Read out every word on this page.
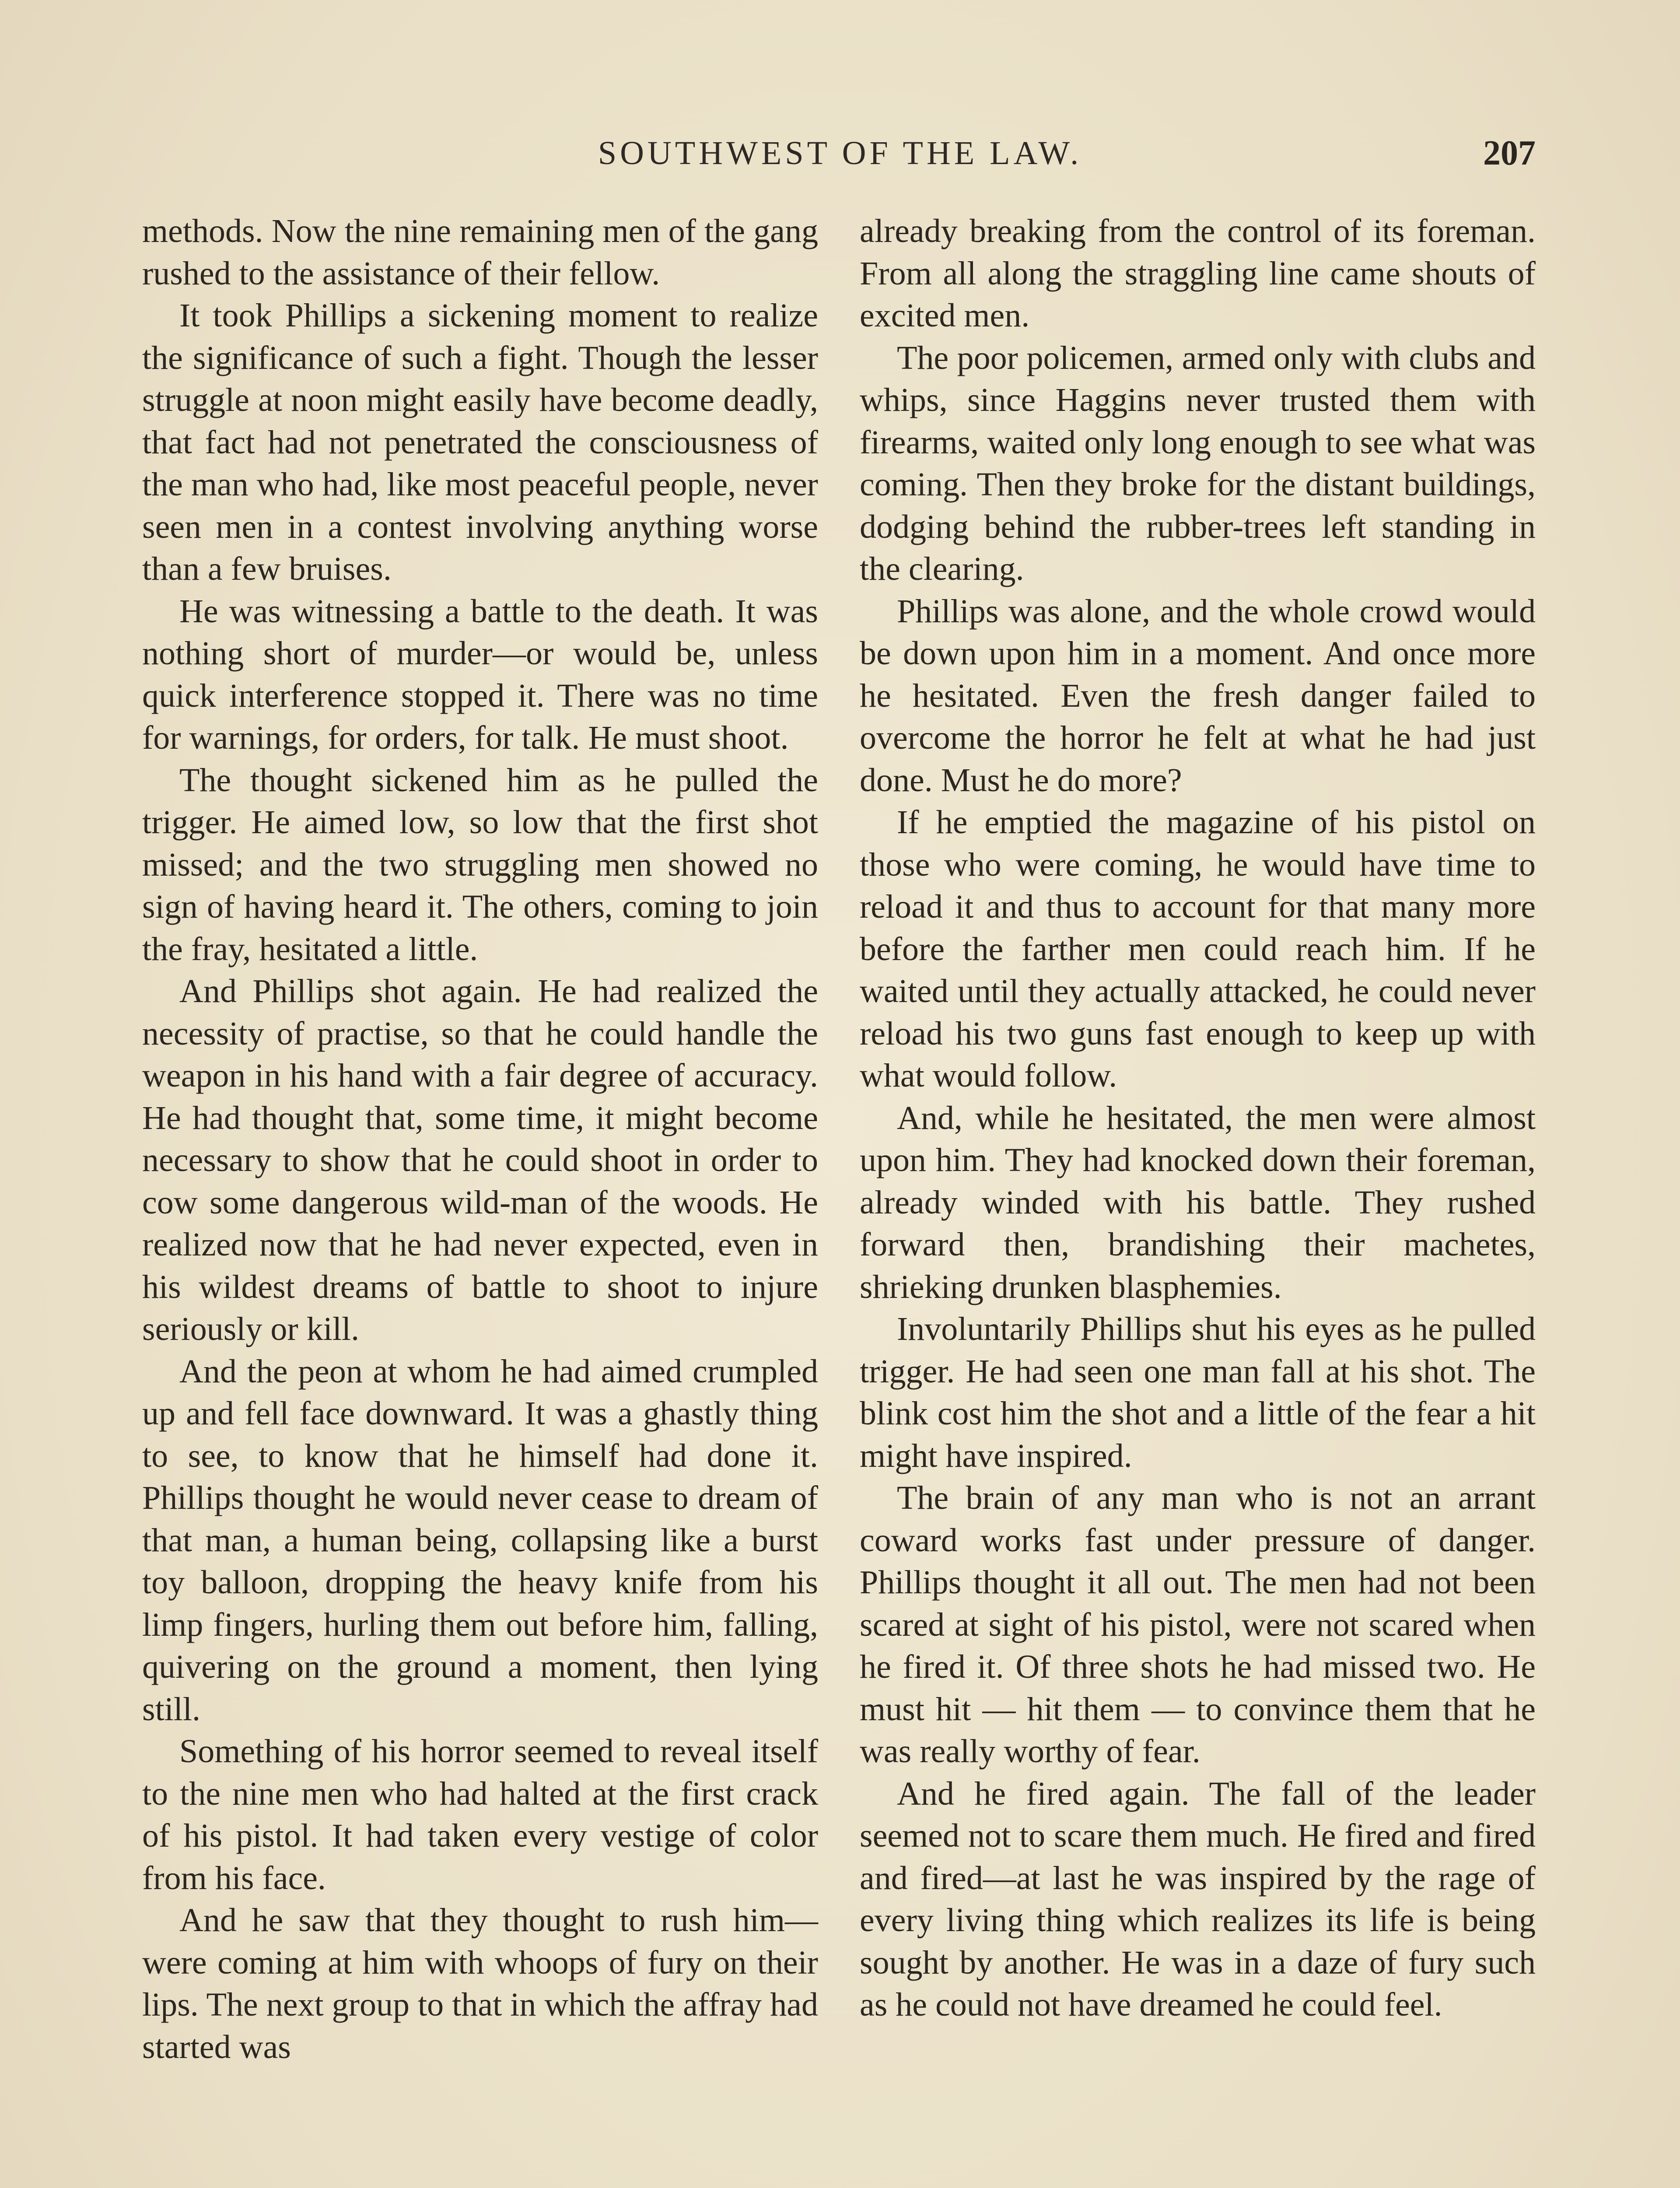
SOUTHWEST OF THE LAW.	207

methods. Now the nine remaining men of the gang rushed to the assistance of their fellow.

It took Phillips a sickening moment to realize the significance of such a fight. Though the lesser struggle at noon might easily have become deadly, that fact had not penetrated the consciousness of the man who had, like most peaceful people, never seen men in a contest involving anything worse than a few bruises.

He was witnessing a battle to the death. It was nothing short of murder—or would be, unless quick interference stopped it. There was no time for warnings, for orders, for talk. He must shoot.

The thought sickened him as he pulled the trigger. He aimed low, so low that the first shot missed; and the two struggling men showed no sign of having heard it. The others, coming to join the fray, hesitated a little.

And Phillips shot again. He had realized the necessity of practise, so that he could handle the weapon in his hand with a fair degree of accuracy. He had thought that, some time, it might become necessary to show that he could shoot in order to cow some dangerous wild-man of the woods. He realized now that he had never expected, even in his wildest dreams of battle to shoot to injure seriously or kill.

And the peon at whom he had aimed crumpled up and fell face downward. It was a ghastly thing to see, to know that he himself had done it. Phillips thought he would never cease to dream of that man, a human being, collapsing like a burst toy balloon, dropping the heavy knife from his limp fingers, hurling them out before him, falling, quivering on the ground a moment, then lying still.

Something of his horror seemed to reveal itself to the nine men who had halted at the first crack of his pistol. It had taken every vestige of color from his face.

And he saw that they thought to rush him—were coming at him with whoops of fury on their lips. The next group to that in which the affray had started was

already breaking from the control of its foreman. From all along the straggling line came shouts of excited men.

The poor policemen, armed only with clubs and whips, since Haggins never trusted them with firearms, waited only long enough to see what was coming. Then they broke for the distant buildings, dodging behind the rubber-trees left standing in the clearing.

Phillips was alone, and the whole crowd would be down upon him in a moment. And once more he hesitated. Even the fresh danger failed to overcome the horror he felt at what he had just done. Must he do more?

If he emptied the magazine of his pistol on those who were coming, he would have time to reload it and thus to account for that many more before the farther men could reach him. If he waited until they actually attacked, he could never reload his two guns fast enough to keep up with what would follow.

And, while he hesitated, the men were almost upon him. They had knocked down their foreman, already winded with his battle. They rushed forward then, brandishing their machetes, shrieking drunken blasphemies.

Involuntarily Phillips shut his eyes as he pulled trigger. He had seen one man fall at his shot. The blink cost him the shot and a little of the fear a hit might have inspired.

The brain of any man who is not an arrant coward works fast under pressure of danger. Phillips thought it all out. The men had not been scared at sight of his pistol, were not scared when he fired it. Of three shots he had missed two. He must hit — hit them — to convince them that he was really worthy of fear.

And he fired again. The fall of the leader seemed not to scare them much. He fired and fired and fired—at last he was inspired by the rage of every living thing which realizes its life is being sought by another. He was in a daze of fury such as he could not have dreamed he could feel.
